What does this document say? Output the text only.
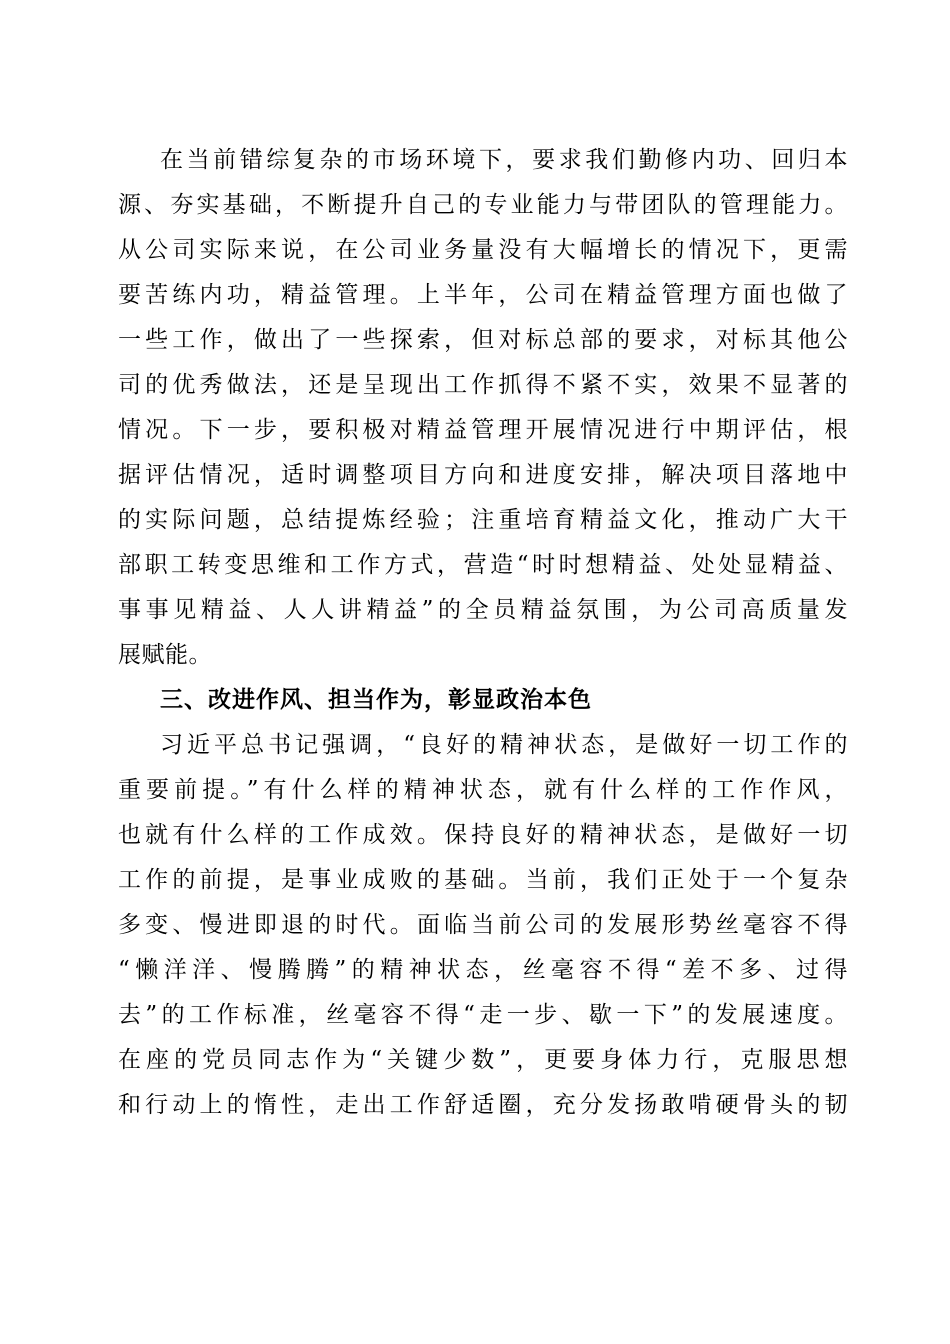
在当前错综复杂的市场环境下，要求我们勤修内功、回归本
源、夯实基础，不断提升自己的专业能力与带团队的管理能力。
从公司实际来说，在公司业务量没有大幅增长的情况下，更需
要苦练内功，精益管理。上半年，公司在精益管理方面也做了
一些工作，做出了一些探索，但对标总部的要求，对标其他公
司的优秀做法，还是呈现出工作抓得不紧不实，效果不显著的
情况。下一步，要积极对精益管理开展情况进行中期评估，根
据评估情况，适时调整项目方向和进度安排，解决项目落地中
的实际问题，总结提炼经验；注重培育精益文化，推动广大干
部职工转变思维和工作方式，营造“时时想精益、处处显精益、
事事见精益、人人讲精益”的全员精益氛围，为公司高质量发
展赋能。
三、改进作风、担当作为，彰显政治本色
习近平总书记强调，“良好的精神状态，是做好一切工作的
重要前提。”有什么样的精神状态，就有什么样的工作作风，
也就有什么样的工作成效。保持良好的精神状态，是做好一切
工作的前提，是事业成败的基础。当前，我们正处于一个复杂
多变、慢进即退的时代。面临当前公司的发展形势丝毫容不得
“懒洋洋、慢腾腾”的精神状态，丝毫容不得“差不多、过得
去”的工作标准，丝毫容不得“走一步、歇一下”的发展速度。
在座的党员同志作为“关键少数”，更要身体力行，克服思想
和行动上的惰性，走出工作舒适圈，充分发扬敢啃硬骨头的韧
